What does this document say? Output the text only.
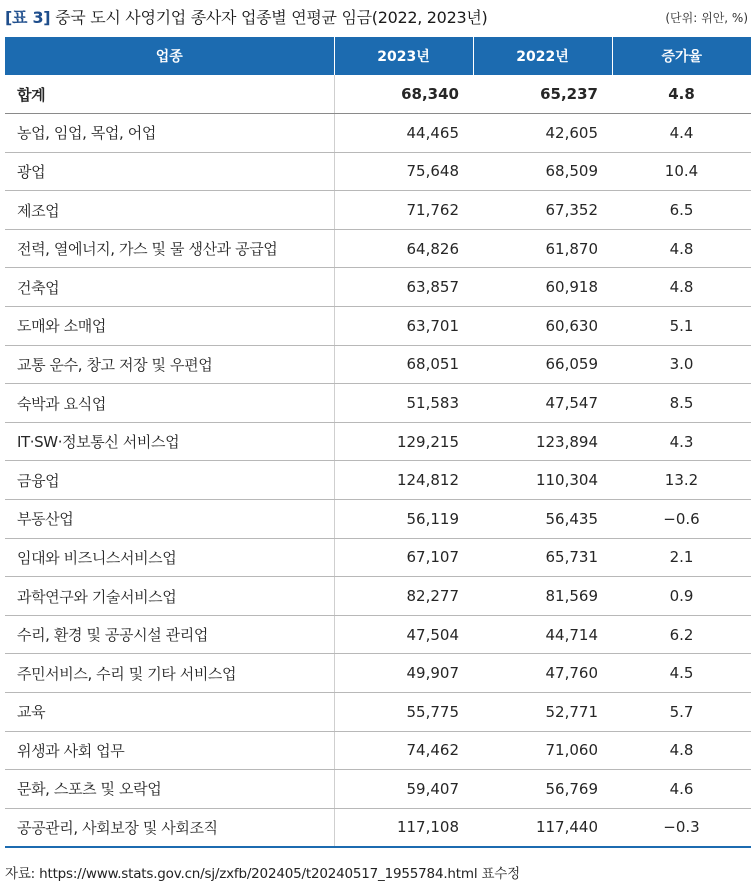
[표 3] 중국 도시 사영기업 종사자 업종별 연평균 임금(2022, 2023년)	(단위: 위안, %)
업종	2023년	2022년	증가율
합계	68,340	65,237	4.8
농업, 임업, 목업, 어업	44,465	42,605	4.4
광업	75,648	68,509	10.4
제조업	71,762	67,352	6.5
전력, 열에너지, 가스 및 물 생산과 공급업	64,826	61,870	4.8
건축업	63,857	60,918	4.8
도매와 소매업	63,701	60,630	5.1
교통 운수, 창고 저장 및 우편업	68,051	66,059	3.0
숙박과 요식업	51,583	47,547	8.5
IT·SW·정보통신 서비스업	129,215	123,894	4.3
금융업	124,812	110,304	13.2
부동산업	56,119	56,435	−0.6
임대와 비즈니스서비스업	67,107	65,731	2.1
과학연구와 기술서비스업	82,277	81,569	0.9
수리, 환경 및 공공시설 관리업	47,504	44,714	6.2
주민서비스, 수리 및 기타 서비스업	49,907	47,760	4.5
교육	55,775	52,771	5.7
위생과 사회 업무	74,462	71,060	4.8
문화, 스포츠 및 오락업	59,407	56,769	4.6
공공관리, 사회보장 및 사회조직	117,108	117,440	−0.3
자료: https://www.stats.gov.cn/sj/zxfb/202405/t20240517_1955784.html 표수정
